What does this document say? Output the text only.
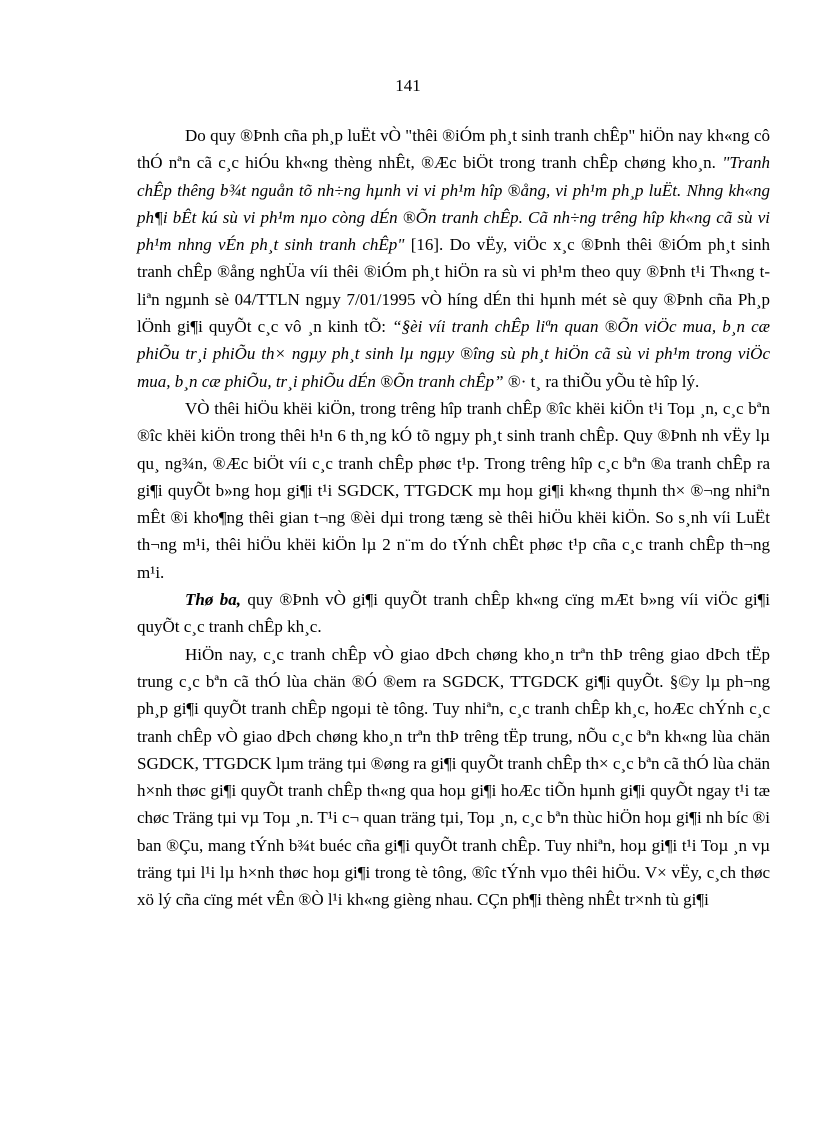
141

Do quy ®Þnh cña ph¸p luËt vÒ "thêi ®iÓm ph¸t sinh tranh chÊp" hiÖn nay kh«ng cô thÓ nªn cã c¸c hiÓu kh«ng thèng nhÊt, ®Æc biÖt trong tranh chÊp chøng kho¸n. "Tranh chÊp thêng b¾t nguån tõ nh÷ng hµnh vi vi ph¹m hîp ®ång, vi ph¹m ph¸p luËt. Nhng kh«ng ph¶i bÊt kú sù vi ph¹m nµo còng dÉn ®Õn tranh chÊp. Cã nh÷ng trêng hîp kh«ng cã sù vi ph¹m nhng vÉn ph¸t sinh tranh chÊp" [16]. Do vËy, viÖc x¸c ®Þnh thêi ®iÓm ph¸t sinh tranh chÊp ®ång nghÜa víi thêi ®iÓm ph¸t hiÖn ra sù vi ph¹m theo quy ®Þnh t¹i Th«ng t liªn ngµnh sè 04/TTLN ngµy 7/01/1995 vÒ híng dÉn thi hµnh mét sè quy ®Þnh cña Ph¸p lÖnh gi¶i quyÕt c¸c vô ¸n kinh tÕ: “§èi víi tranh chÊp liªn quan ®Õn viÖc mua, b¸n cæ phiÕu tr¸i phiÕu th× ngµy ph¸t sinh lµ ngµy ®îng sù ph¸t hiÖn cã sù vi ph¹m trong viÖc mua, b¸n cæ phiÕu, tr¸i phiÕu dÉn ®Õn tranh chÊp” ®· t¸ ra thiÕu yÕu tè hîp lý.

VÒ thêi hiÖu khëi kiÖn, trong trêng hîp tranh chÊp ®îc khëi kiÖn t¹i Toµ ¸n, c¸c bªn ®îc khëi kiÖn trong thêi h¹n 6 th¸ng kÓ tõ ngµy ph¸t sinh tranh chÊp. Quy ®Þnh nh vËy lµ qu¸ ng¾n, ®Æc biÖt víi c¸c tranh chÊp phøc t¹p. Trong trêng hîp c¸c bªn ®a tranh chÊp ra gi¶i quyÕt b»ng hoµ gi¶i t¹i SGDCK, TTGDCK mµ hoµ gi¶i kh«ng thµnh th× ®¬ng nhiªn mÊt ®i kho¶ng thêi gian t¬ng ®èi dµi trong tæng sè thêi hiÖu khëi kiÖn. So s¸nh víi LuËt th¬ng m¹i, thêi hiÖu khëi kiÖn lµ 2 n¨m do tÝnh chÊt phøc t¹p cña c¸c tranh chÊp th¬ng m¹i.

Thø ba, quy ®Þnh vÒ gi¶i quyÕt tranh chÊp kh«ng cïng mÆt b»ng víi viÖc gi¶i quyÕt c¸c tranh chÊp kh¸c.

HiÖn nay, c¸c tranh chÊp vÒ giao dÞch chøng kho¸n trªn thÞ trêng giao dÞch tËp trung c¸c bªn cã thÓ lùa chän ®Ó ®em ra SGDCK, TTGDCK gi¶i quyÕt. §©y lµ ph¬ng ph¸p gi¶i quyÕt tranh chÊp ngoµi tè tông. Tuy nhiªn, c¸c tranh chÊp kh¸c, hoÆc chÝnh c¸c tranh chÊp vÒ giao dÞch chøng kho¸n trªn thÞ trêng tËp trung, nÕu c¸c bªn kh«ng lùa chän SGDCK, TTGDCK lµm träng tµi ®øng ra gi¶i quyÕt tranh chÊp th× c¸c bªn cã thÓ lùa chän h×nh thøc gi¶i quyÕt tranh chÊp th«ng qua hoµ gi¶i hoÆc tiÕn hµnh gi¶i quyÕt ngay t¹i tæ chøc Träng tµi vµ Toµ ¸n. T¹i c¬ quan träng tµi, Toµ ¸n, c¸c bªn thùc hiÖn hoµ gi¶i nh bíc ®i ban ®Çu, mang tÝnh b¾t buéc cña gi¶i quyÕt tranh chÊp. Tuy nhiªn, hoµ gi¶i t¹i Toµ ¸n vµ träng tµi l¹i lµ h×nh thøc hoµ gi¶i trong tè tông, ®îc tÝnh vµo thêi hiÖu. V× vËy, c¸ch thøc xö lý cña cïng mét vÊn ®Ò l¹i kh«ng gièng nhau. CÇn ph¶i thèng nhÊt tr×nh tù gi¶i
